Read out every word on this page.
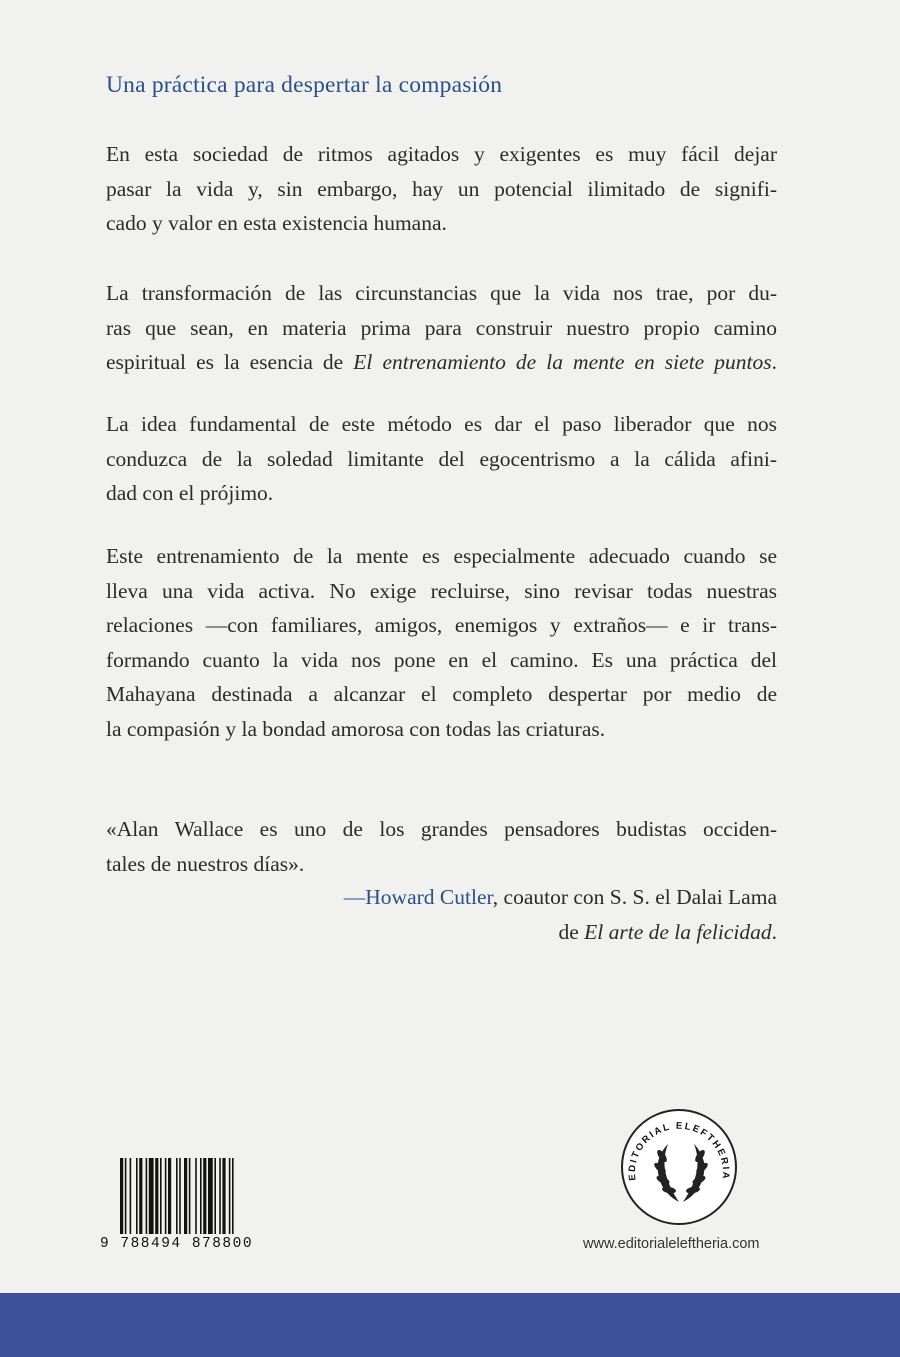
Una práctica para despertar la compasión

En esta sociedad de ritmos agitados y exigentes es muy fácil dejar
pasar la vida y, sin embargo, hay un potencial ilimitado de signifi-
cado y valor en esta existencia humana.

La transformación de las circunstancias que la vida nos trae, por du-
ras que sean, en materia prima para construir nuestro propio camino
espiritual es la esencia de El entrenamiento de la mente en siete puntos.

La idea fundamental de este método es dar el paso liberador que nos
conduzca de la soledad limitante del egocentrismo a la cálida afini-
dad con el prójimo.

Este entrenamiento de la mente es especialmente adecuado cuando se
lleva una vida activa. No exige recluirse, sino revisar todas nuestras
relaciones —con familiares, amigos, enemigos y extraños— e ir trans-
formando cuanto la vida nos pone en el camino. Es una práctica del
Mahayana destinada a alcanzar el completo despertar por medio de
la compasión y la bondad amorosa con todas las criaturas.

«Alan Wallace es uno de los grandes pensadores budistas occiden-
tales de nuestros días».

—Howard Cutler, coautor con S. S. el Dalai Lama
de El arte de la felicidad.
9 788494 878800
EDITORIAL ELEFTHERIA
www.editorialeleftheria.com
